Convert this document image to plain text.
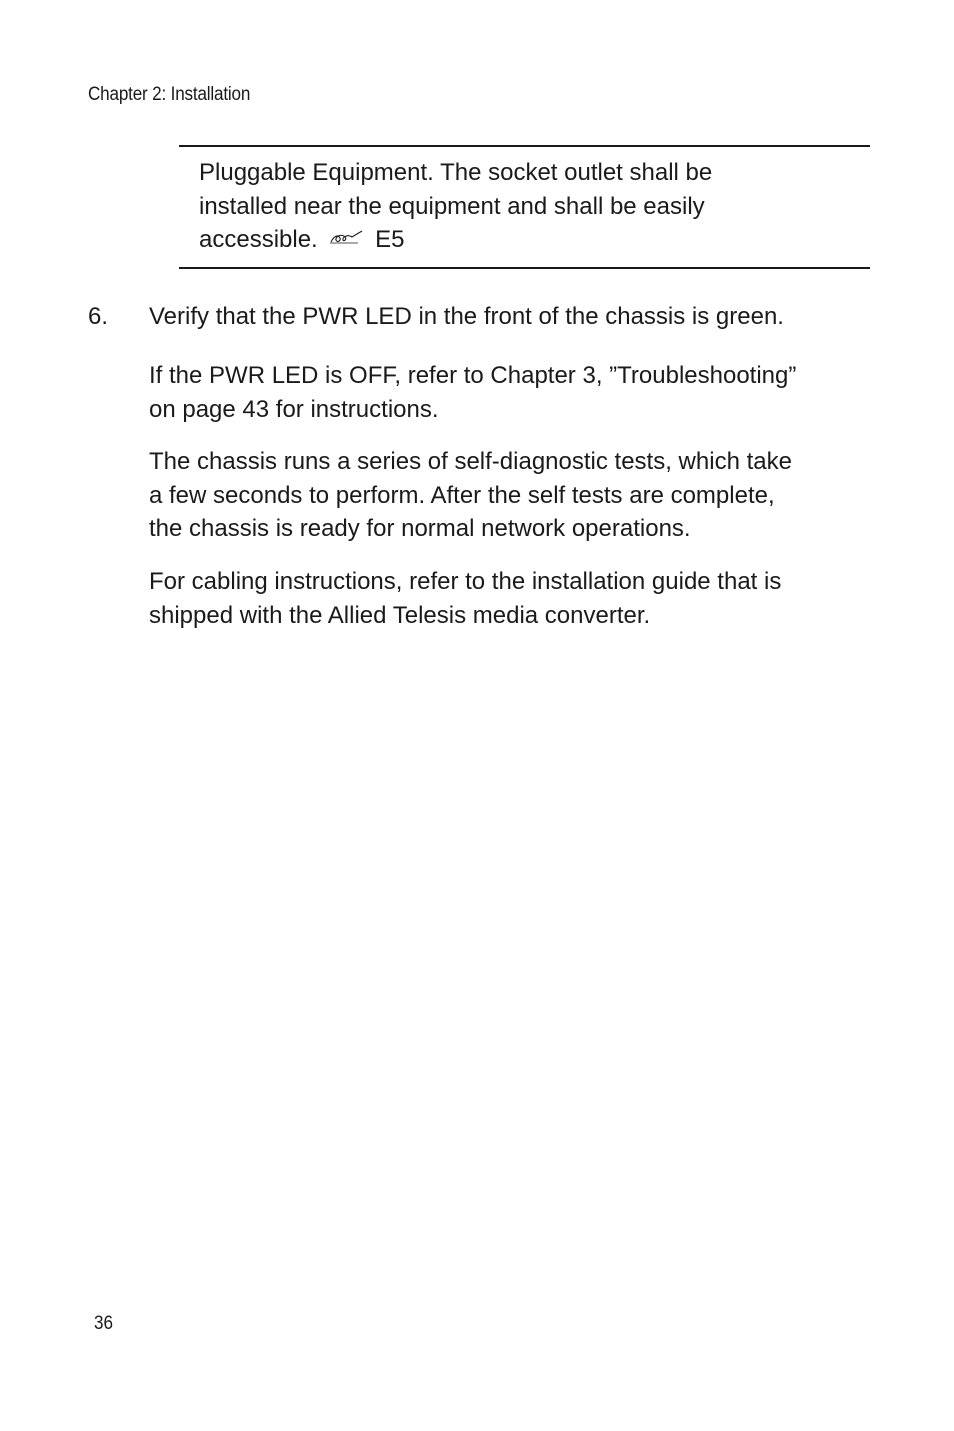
Chapter 2: Installation
Pluggable Equipment. The socket outlet shall be
installed near the equipment and shall be easily
accessible. E5
6. Verify that the PWR LED in the front of the chassis is green.

If the PWR LED is OFF, refer to Chapter 3, ”Troubleshooting”
on page 43 for instructions.

The chassis runs a series of self-diagnostic tests, which take
a few seconds to perform. After the self tests are complete,
the chassis is ready for normal network operations.

For cabling instructions, refer to the installation guide that is
shipped with the Allied Telesis media converter.

36
